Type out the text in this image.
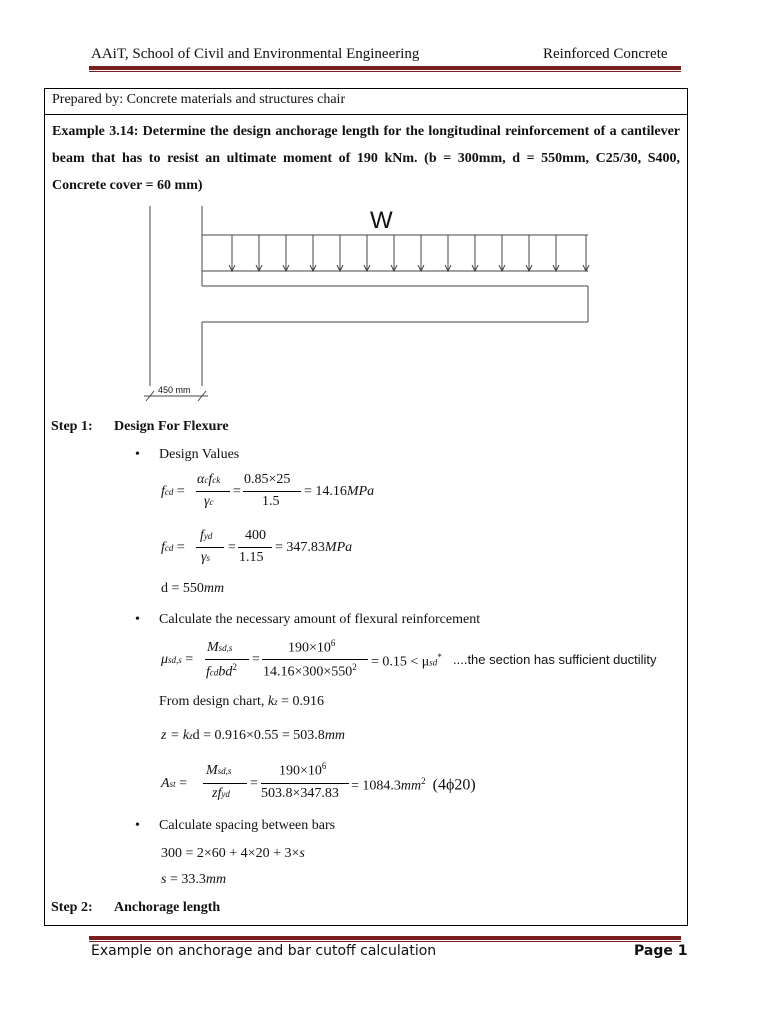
AAiT, School of Civil and Environmental Engineering	Reinforced Concrete
Prepared by: Concrete materials and structures chair
Example 3.14: Determine the design anchorage length for the longitudinal reinforcement of a cantilever beam that has to resist an ultimate moment of 190 kNm. (b = 300mm, d = 550mm, C25/30, S400, Concrete cover = 60 mm)
W
450 mm
Step 1: Design For Flexure
• Design Values
fcd =
αcfck
γc
=
0.85×25
1.5
= 14.16MPa
fcd =
fyd
γs
=
400
1.15
= 347.83MPa
d = 550mm
• Calculate the necessary amount of flexural reinforcement
μsd,s =
Msd,s
fcdbd$^2$ =
$190\times 10^6$
$14.16\times 300\times 550^2 = 0.15 < \mu sd^*$ ....the section has sufficient ductility
From design chart, kz = 0.916
z = kzd = 0.916×0.55 = 503.8mm
Ast =
Msd,s
zfyd
=
$190\times 10^6$
$503.8\times 347.83 = 1084.3mm^2$ (4ϕ20)
• Calculate spacing between bars
300 = 2×60 + 4×20 + 3×s
s = 33.3mm
Step 2: Anchorage length
Example on anchorage and bar cutoff calculation	Page 1
